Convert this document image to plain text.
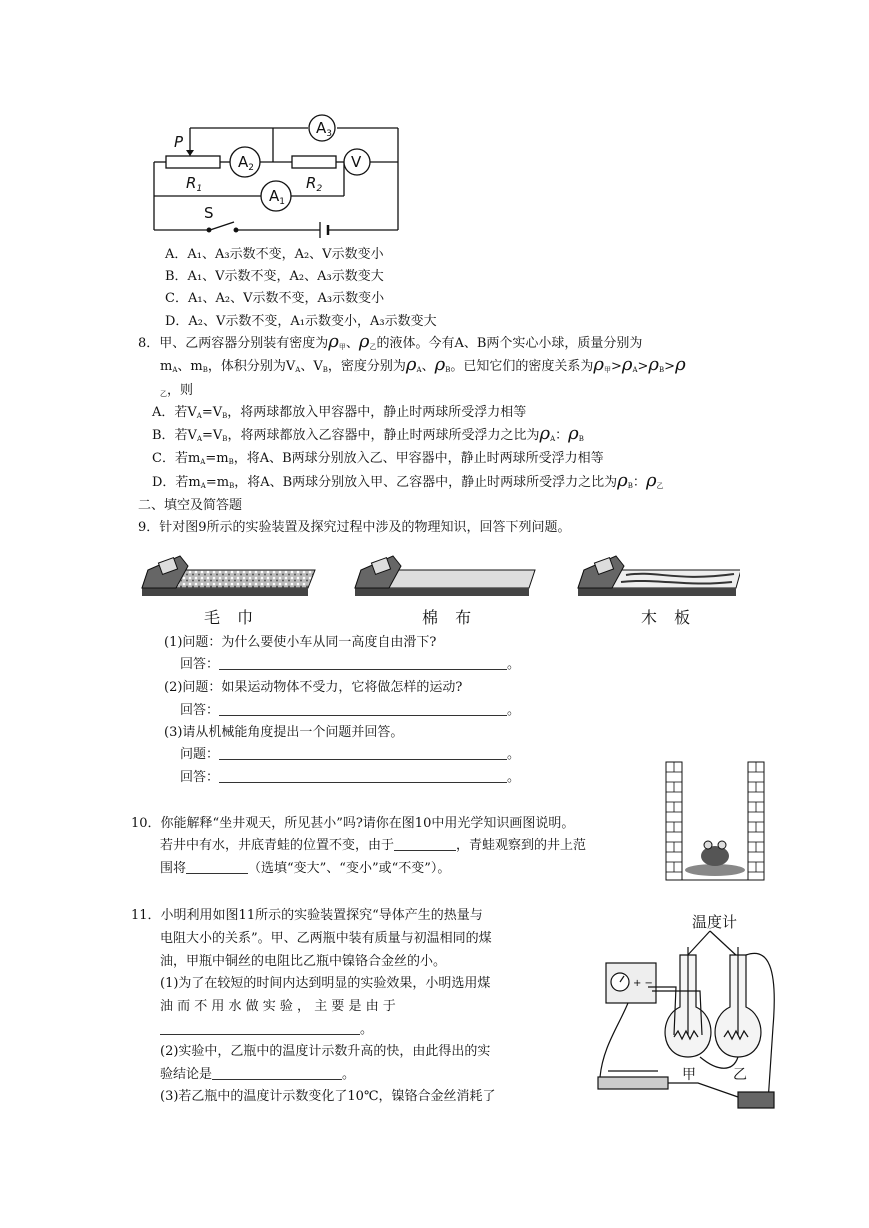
$A_3$
$A_2$
$A_1$
V
P
$R_1$	$R_2$
S
A．A₁、A₃示数不变，A₂、V示数变小
B．A₁、V示数不变，A₂、A₃示数变大
C．A₁、A₂、V示数不变，A₃示数变小
D．A₂、V示数不变，A₁示数变小，A₃示数变大
8．甲、乙两容器分别装有密度为$\rho_甲$、$\rho_乙$的液体。今有A、B两个实心小球，质量分别为
$m_A$、$m_B$，体积分别为$V_A$、$V_B$，密度分别为$\rho_A$、$\rho_B$。已知它们的密度关系为$\rho_甲>\rho_A>\rho_B>\rho$
$_乙$，则
A．若$V_A=V_B$，将两球都放入甲容器中，静止时两球所受浮力相等
B．若$V_A=V_B$，将两球都放入乙容器中，静止时两球所受浮力之比为$\rho_A$：$\rho_B$
C．若$m_A=m_B$，将A、B两球分别放入乙、甲容器中，静止时两球所受浮力相等
D．若$m_A=m_B$，将A、B两球分别放入甲、乙容器中，静止时两球所受浮力之比为$\rho_B$：$\rho_乙$
二、填空及简答题
9．针对图9所示的实验装置及探究过程中涉及的物理知识，回答下列问题。
毛 巾	棉 布	木 板
(1)问题：为什么要使小车从同一高度自由滑下?
回答：	。
(2)问题：如果运动物体不受力，它将做怎样的运动?
回答：	。
(3)请从机械能角度提出一个问题并回答。
问题：	。
回答：	。
10．你能解释“坐井观天，所见甚小”吗?请你在图10中用光学知识画图说明。
若井中有水，井底青蛙的位置不变，由于	，青蛙观察到的井上范
围将	（选填“变大”、“变小”或“不变”）。
11．小明利用如图11所示的实验装置探究“导体产生的热量与
电阻大小的关系”。甲、乙两瓶中装有质量与初温相同的煤
油，甲瓶中铜丝的电阻比乙瓶中镍铬合金丝的小。
(1)为了在较短的时间内达到明显的实验效果，小明选用煤
油 而 不 用 水 做 实 验 ， 主 要 是 由 于
。
(2)实验中，乙瓶中的温度计示数升高的快，由此得出的实
验结论是	。
(3)若乙瓶中的温度计示数变化了10℃，镍铬合金丝消耗了
温度计
+ −
甲	乙
